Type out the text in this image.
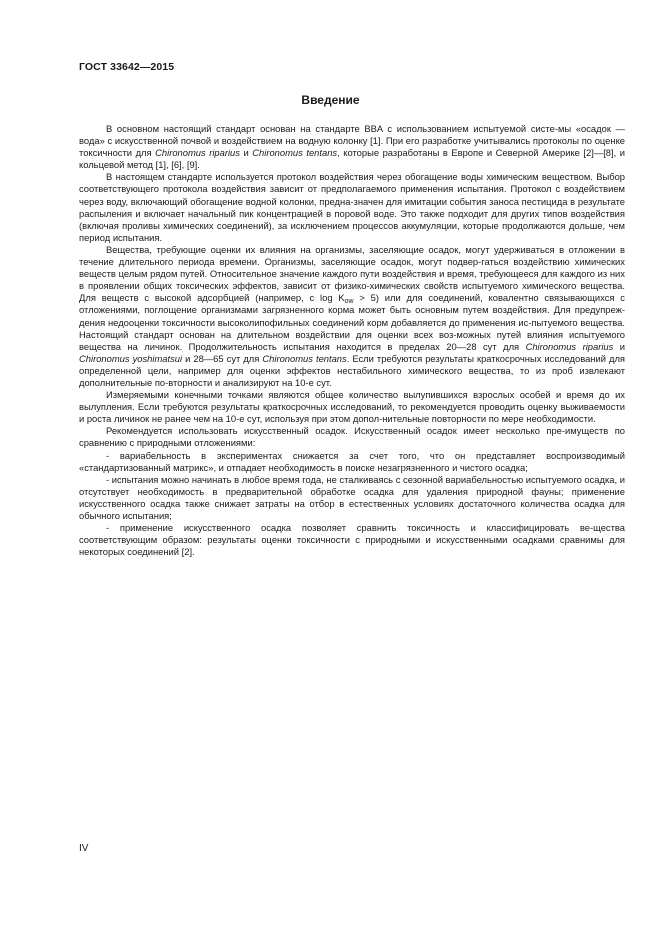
ГОСТ 33642—2015
Введение

В основном настоящий стандарт основан на стандарте BBA с использованием испытуемой систе-мы «осадок — вода» с искусственной почвой и воздействием на водную колонку [1]. При его разработке учитывались протоколы по оценке токсичности для Chironomus riparius и Chironomus tentans, которые разработаны в Европе и Северной Америке [2]—[8], и кольцевой метод [1], [6], [9].

В настоящем стандарте используется протокол воздействия через обогащение воды химическим веществом. Выбор соответствующего протокола воздействия зависит от предполагаемого применения испытания. Протокол с воздействием через воду, включающий обогащение водной колонки, предна-значен для имитации события заноса пестицида в результате распыления и включает начальный пик концентрацией в поровой воде. Это также подходит для других типов воздействия (включая проливы химических соединений), за исключением процессов аккумуляции, которые продолжаются дольше, чем период испытания.

Вещества, требующие оценки их влияния на организмы, заселяющие осадок, могут удерживаться в отложении в течение длительного периода времени. Организмы, заселяющие осадок, могут подвер-гаться воздействию химических веществ целым рядом путей. Относительное значение каждого пути воздействия и время, требующееся для каждого из них в проявлении общих токсических эффектов, зависит от физико-химических свойств испытуемого химического вещества. Для веществ с высокой адсорбцией (например, с $\log K_{ow} > 5$) или для соединений, ковалентно связывающихся с отложениями, поглощение организмами загрязненного корма может быть основным путем воздействия. Для предупреж-дения недооценки токсичности высоколипофильных соединений корм добавляется до применения ис-пытуемого вещества. Настоящий стандарт основан на длительном воздействии для оценки всех воз-можных путей влияния испытуемого вещества на личинок. Продолжительность испытания находится в пределах 20—28 сут для Chironomus riparius и Chironomus yoshimatsui и 28—65 сут для Chironomus tentans. Если требуются результаты краткосрочных исследований для определенной цели, например для оценки эффектов нестабильного химического вещества, то из проб извлекают дополнительные по-вторности и анализируют на 10-е сут.

Измеряемыми конечными точками являются общее количество вылупившихся взрослых особей и время до их вылупления. Если требуются результаты краткосрочных исследований, то рекомендуется проводить оценку выживаемости и роста личинок не ранее чем на 10-е сут, используя при этом допол-нительные повторности по мере необходимости.

Рекомендуется использовать искусственный осадок. Искусственный осадок имеет несколько пре-имуществ по сравнению с природными отложениями:

- вариабельность в экспериментах снижается за счет того, что он представляет воспроизводимый «стандартизованный матрикс», и отпадает необходимость в поиске незагрязненного и чистого осадка;

- испытания можно начинать в любое время года, не сталкиваясь с сезонной вариабельностью испытуемого осадка, и отсутствует необходимость в предварительной обработке осадка для удаления природной фауны; применение искусственного осадка также снижает затраты на отбор в естественных условиях достаточного количества осадка для обычного испытания;

- применение искусственного осадка позволяет сравнить токсичность и классифицировать ве-щества соответствующим образом: результаты оценки токсичности с природными и искусственными осадками сравнимы для некоторых соединений [2].

IV
